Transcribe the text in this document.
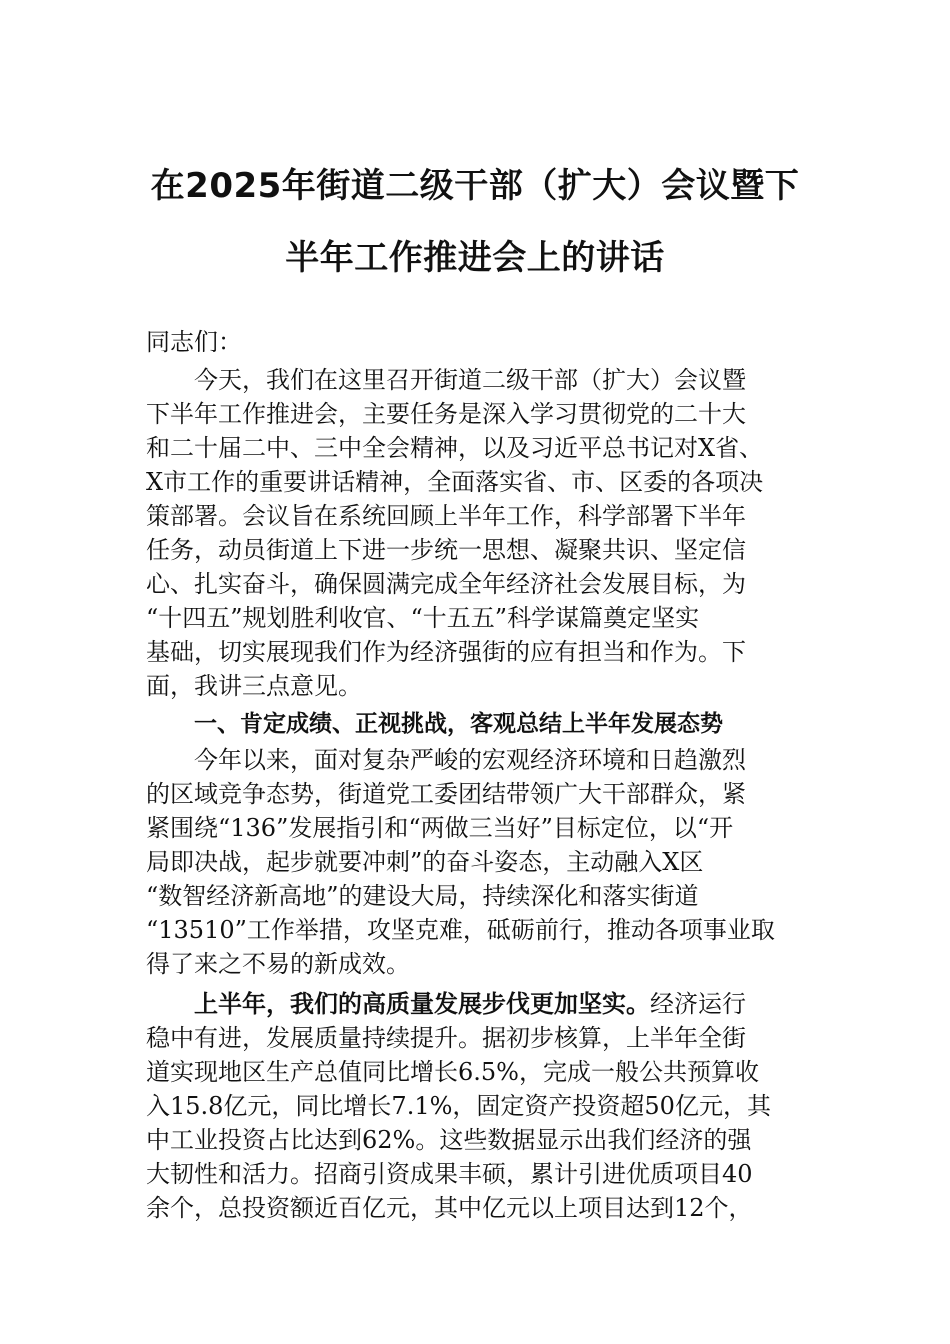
在2025年街道二级干部（扩大）会议暨下
半年工作推进会上的讲话
同志们：
今天，我们在这里召开街道二级干部（扩大）会议暨
下半年工作推进会，主要任务是深入学习贯彻党的二十大
和二十届二中、三中全会精神，以及习近平总书记对X省、
X市工作的重要讲话精神，全面落实省、市、区委的各项决
策部署。会议旨在系统回顾上半年工作，科学部署下半年
任务，动员街道上下进一步统一思想、凝聚共识、坚定信
心、扎实奋斗，确保圆满完成全年经济社会发展目标，为
“十四五”规划胜利收官、“十五五”科学谋篇奠定坚实
基础，切实展现我们作为经济强街的应有担当和作为。下
面，我讲三点意见。
一、肯定成绩、正视挑战，客观总结上半年发展态势
今年以来，面对复杂严峻的宏观经济环境和日趋激烈
的区域竞争态势，街道党工委团结带领广大干部群众，紧
紧围绕“136”发展指引和“两做三当好”目标定位，以“开
局即决战，起步就要冲刺”的奋斗姿态，主动融入X区
“数智经济新高地”的建设大局，持续深化和落实街道
“13510”工作举措，攻坚克难，砥砺前行，推动各项事业取
得了来之不易的新成效。
上半年，我们的高质量发展步伐更加坚实。经济运行
稳中有进，发展质量持续提升。据初步核算，上半年全街
道实现地区生产总值同比增长6.5%，完成一般公共预算收
入15.8亿元，同比增长7.1%，固定资产投资超50亿元，其
中工业投资占比达到62%。这些数据显示出我们经济的强
大韧性和活力。招商引资成果丰硕，累计引进优质项目40
余个，总投资额近百亿元，其中亿元以上项目达到12个，
